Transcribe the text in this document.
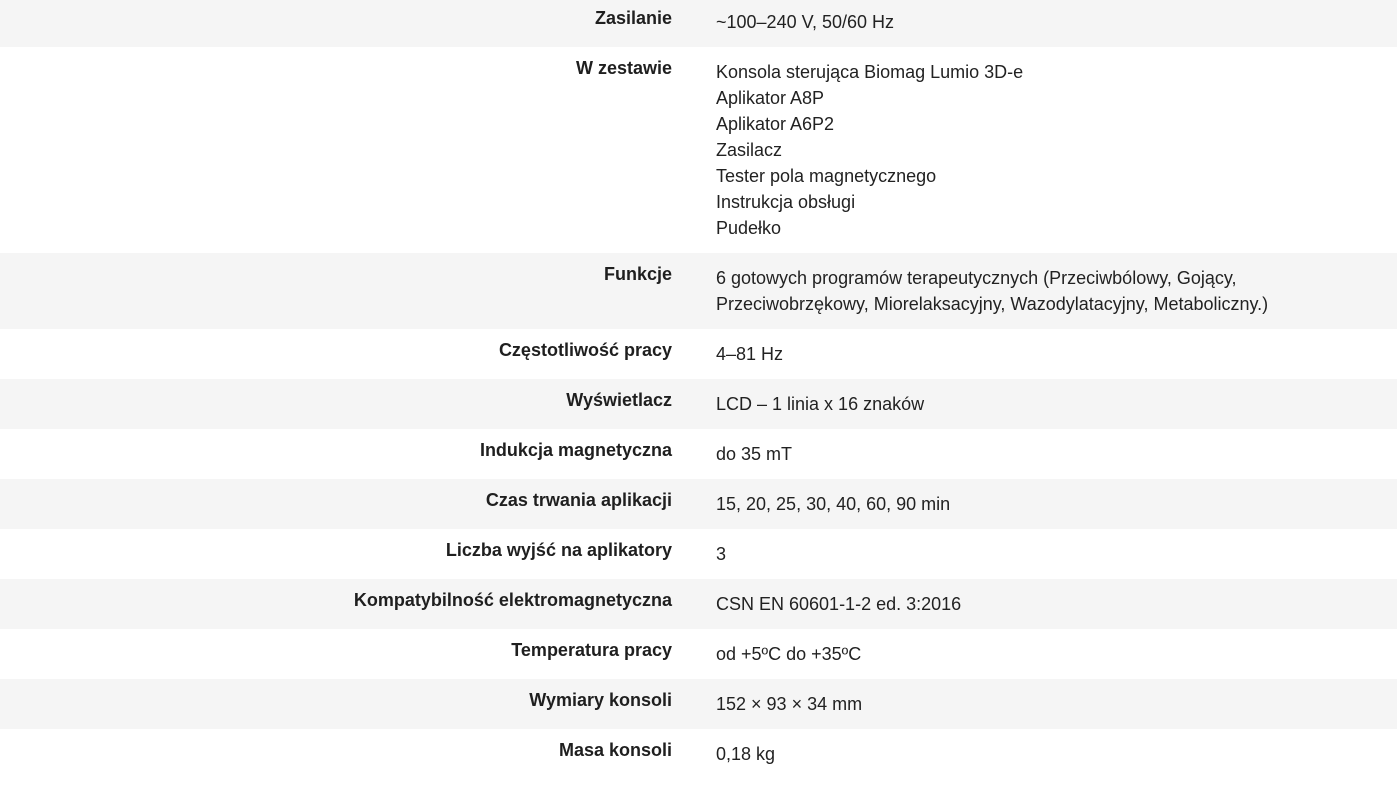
Zasilanie ~100–240 V, 50/60 Hz
W zestawie Konsola sterująca Biomag Lumio 3D-e
Aplikator A8P
Aplikator A6P2
Zasilacz
Tester pola magnetycznego
Instrukcja obsługi
Pudełko
Funkcje 6 gotowych programów terapeutycznych (Przeciwbólowy, Gojący,
Przeciwobrzękowy, Miorelaksacyjny, Wazodylatacyjny, Metaboliczny.)
Częstotliwość pracy 4–81 Hz
Wyświetlacz LCD – 1 linia x 16 znaków
Indukcja magnetyczna do 35 mT
Czas trwania aplikacji 15, 20, 25, 30, 40, 60, 90 min
Liczba wyjść na aplikatory 3
Kompatybilność elektromagnetyczna CSN EN 60601-1-2 ed. 3:2016
Temperatura pracy od +5ºC do +35ºC
Wymiary konsoli 152 × 93 × 34 mm
Masa konsoli 0,18 kg
